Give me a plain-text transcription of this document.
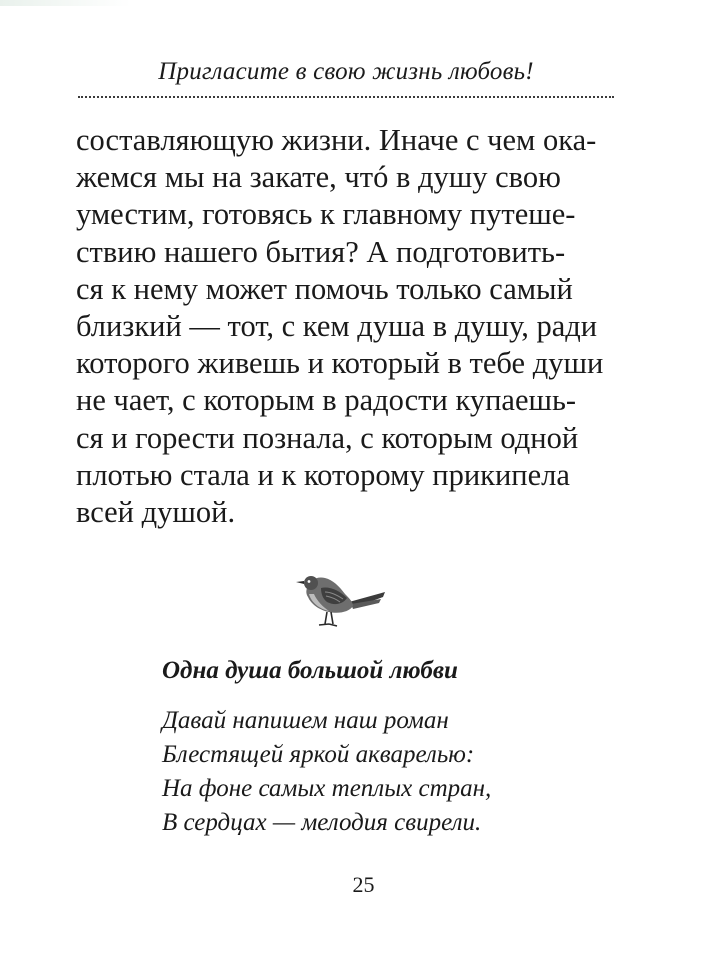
Пригласите в свою жизнь любовь!
составляющую жизни. Иначе с чем ока-
жемся мы на закате, чтó в душу свою
уместим, готовясь к главному путеше-
ствию нашего бытия? А подготовить-
ся к нему может помочь только самый
близкий — тот, с кем душа в душу, ради
которого живешь и который в тебе души
не чает, с которым в радости купаешь-
ся и горести познала, с которым одной
плотью стала и к которому прикипела
всей душой.
Одна душа большой любви
Давай напишем наш роман
Блестящей яркой акварелью:
На фоне самых теплых стран,
В сердцах — мелодия свирели.
25
